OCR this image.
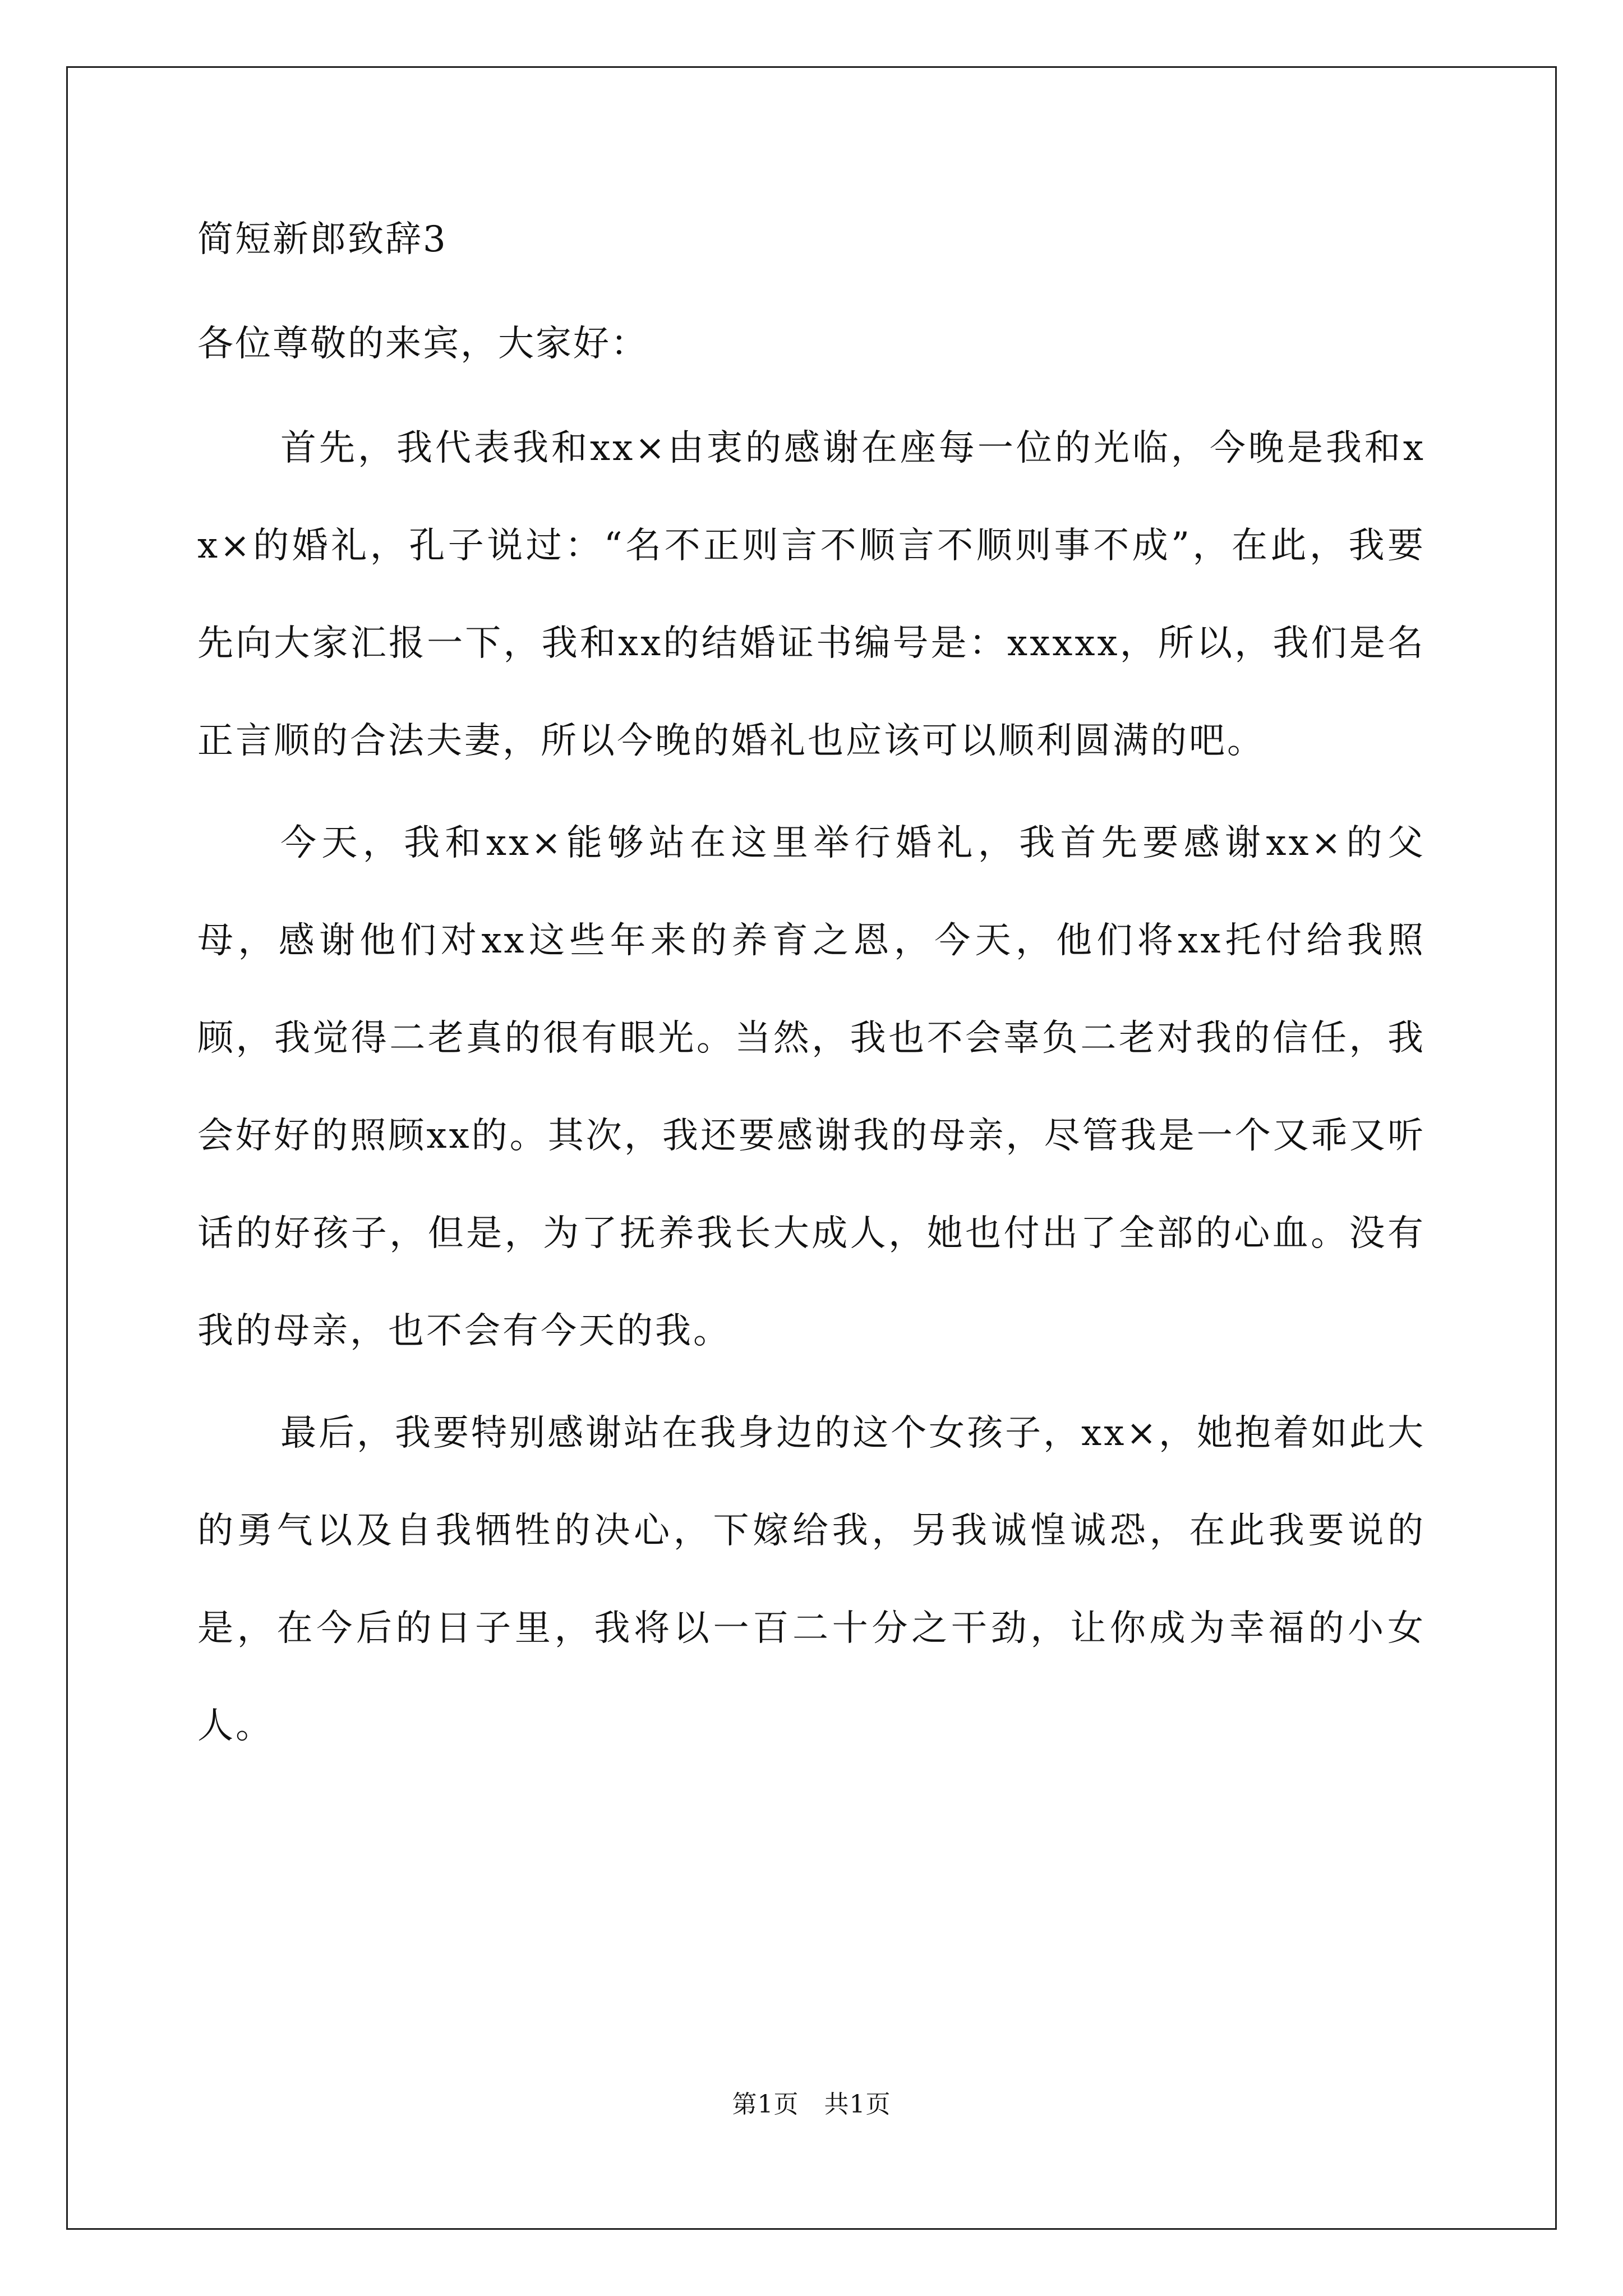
简短新郎致辞3
各位尊敬的来宾，大家好：

首先，我代表我和xx×由衷的感谢在座每一位的光临，今晚是我和xx×的婚礼，孔子说过：“名不正则言不顺言不顺则事不成”，在此，我要先向大家汇报一下，我和xx的结婚证书编号是：xxxxx，所以，我们是名正言顺的合法夫妻，所以今晚的婚礼也应该可以顺利圆满的吧。

今天，我和xx×能够站在这里举行婚礼，我首先要感谢xx×的父母，感谢他们对xx这些年来的养育之恩，今天，他们将xx托付给我照顾，我觉得二老真的很有眼光。当然，我也不会辜负二老对我的信任，我会好好的照顾xx的。其次，我还要感谢我的母亲，尽管我是一个又乖又听话的好孩子，但是，为了抚养我长大成人，她也付出了全部的心血。没有我的母亲，也不会有今天的我。

最后，我要特别感谢站在我身边的这个女孩子，xx×，她抱着如此大的勇气以及自我牺牲的决心，下嫁给我，另我诚惶诚恐，在此我要说的是，在今后的日子里，我将以一百二十分之干劲，让你成为幸福的小女人。

第1页　共1页
